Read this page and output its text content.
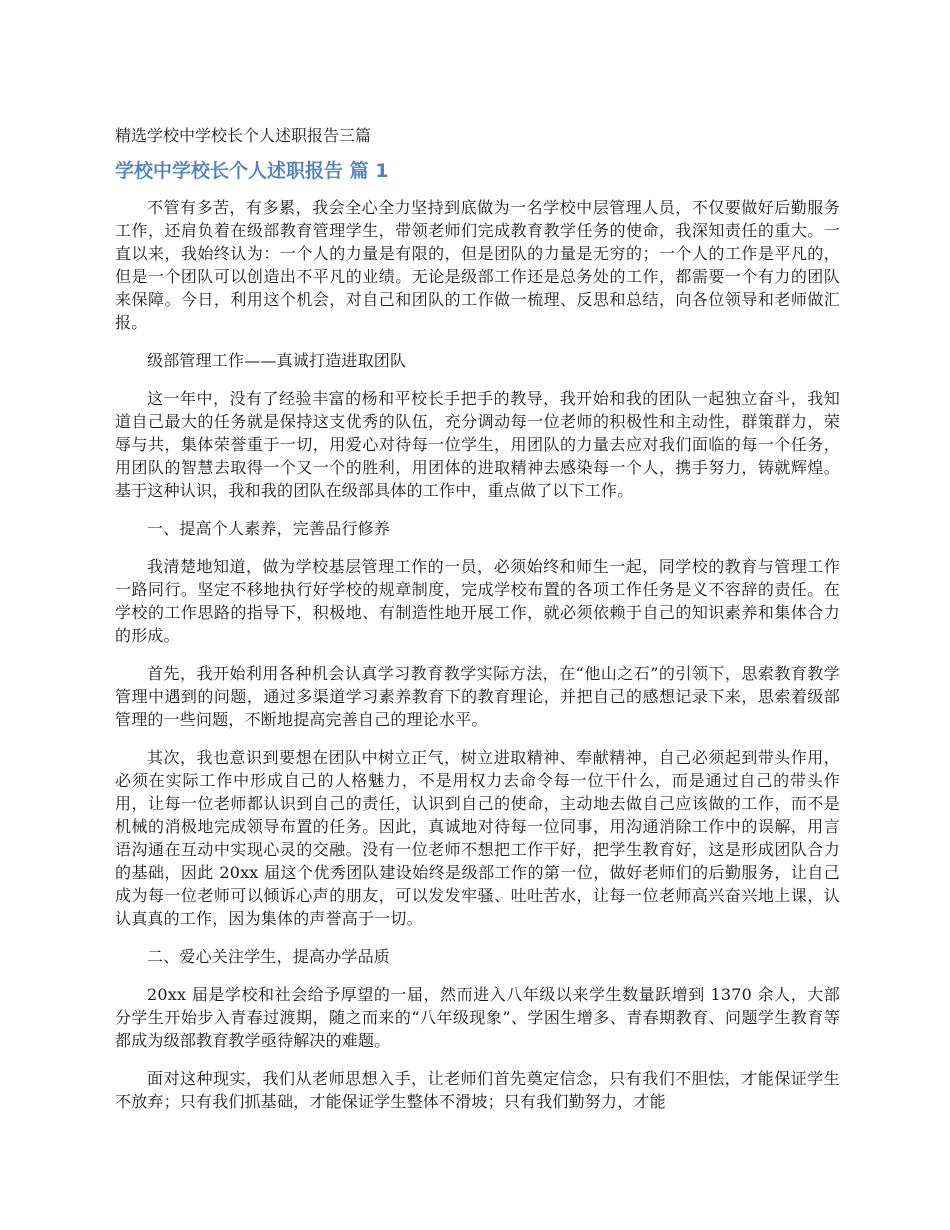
精选学校中学校长个人述职报告三篇
学校中学校长个人述职报告 篇 1

不管有多苦，有多累，我会全心全力坚持到底做为一名学校中层管理人员，不仅要做好后勤服务工作，还肩负着在级部教育管理学生，带领老师们完成教育教学任务的使命，我深知责任的重大。一直以来，我始终认为：一个人的力量是有限的，但是团队的力量是无穷的；一个人的工作是平凡的，但是一个团队可以创造出不平凡的业绩。无论是级部工作还是总务处的工作，都需要一个有力的团队来保障。今日，利用这个机会，对自己和团队的工作做一梳理、反思和总结，向各位领导和老师做汇报。

级部管理工作——真诚打造进取团队

这一年中，没有了经验丰富的杨和平校长手把手的教导，我开始和我的团队一起独立奋斗，我知道自己最大的任务就是保持这支优秀的队伍，充分调动每一位老师的积极性和主动性，群策群力，荣辱与共，集体荣誉重于一切，用爱心对待每一位学生，用团队的力量去应对我们面临的每一个任务，用团队的智慧去取得一个又一个的胜利，用团体的进取精神去感染每一个人，携手努力，铸就辉煌。基于这种认识，我和我的团队在级部具体的工作中，重点做了以下工作。

一、提高个人素养，完善品行修养

我清楚地知道，做为学校基层管理工作的一员，必须始终和师生一起，同学校的教育与管理工作一路同行。坚定不移地执行好学校的规章制度，完成学校布置的各项工作任务是义不容辞的责任。在学校的工作思路的指导下，积极地、有制造性地开展工作，就必须依赖于自己的知识素养和集体合力的形成。

首先，我开始利用各种机会认真学习教育教学实际方法，在“他山之石”的引领下，思索教育教学管理中遇到的问题，通过多渠道学习素养教育下的教育理论，并把自己的感想记录下来，思索着级部管理的一些问题，不断地提高完善自己的理论水平。

其次，我也意识到要想在团队中树立正气，树立进取精神、奉献精神，自己必须起到带头作用，必须在实际工作中形成自己的人格魅力，不是用权力去命令每一位干什么，而是通过自己的带头作用，让每一位老师都认识到自己的责任，认识到自己的使命，主动地去做自己应该做的工作，而不是机械的消极地完成领导布置的任务。因此，真诚地对待每一位同事，用沟通消除工作中的误解，用言语沟通在互动中实现心灵的交融。没有一位老师不想把工作干好，把学生教育好，这是形成团队合力的基础，因此 20xx 届这个优秀团队建设始终是级部工作的第一位，做好老师们的后勤服务，让自己成为每一位老师可以倾诉心声的朋友，可以发发牢骚、吐吐苦水，让每一位老师高兴奋兴地上课，认认真真的工作，因为集体的声誉高于一切。

二、爱心关注学生，提高办学品质

20xx 届是学校和社会给予厚望的一届，然而进入八年级以来学生数量跃增到 1370 余人，大部分学生开始步入青春过渡期，随之而来的“八年级现象”、学困生增多、青春期教育、问题学生教育等都成为级部教育教学亟待解决的难题。

面对这种现实，我们从老师思想入手，让老师们首先奠定信念，只有我们不胆怯，才能保证学生不放弃；只有我们抓基础，才能保证学生整体不滑坡；只有我们勤努力，才能
